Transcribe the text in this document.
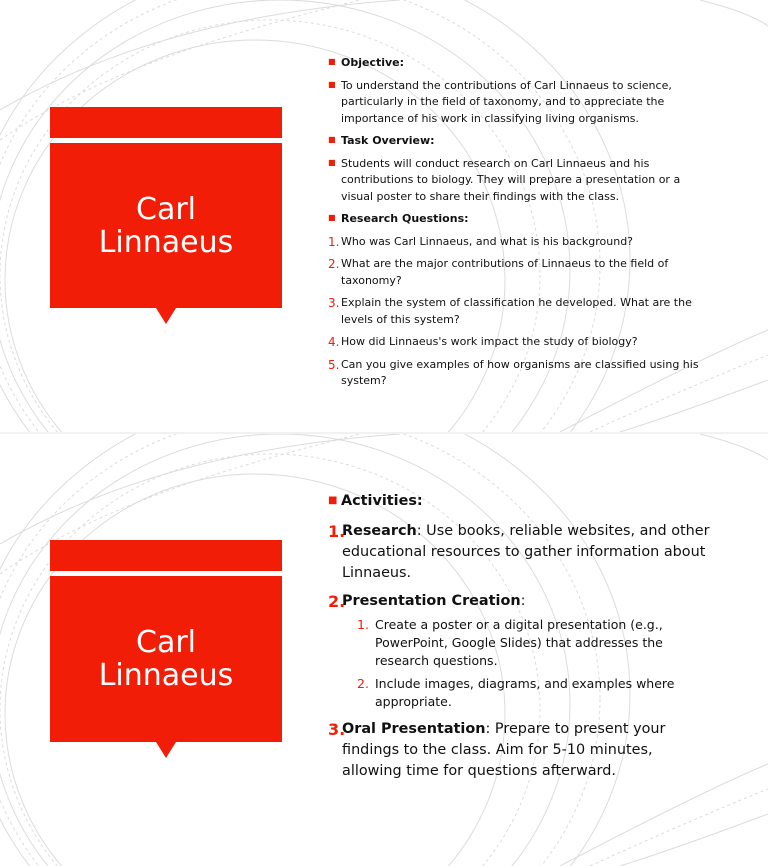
Carl Linnaeus
■ Objective:
■ To understand the contributions of Carl Linnaeus to science, particularly in the field of taxonomy, and to appreciate the importance of his work in classifying living organisms.
■ Task Overview:
■ Students will conduct research on Carl Linnaeus and his contributions to biology. They will prepare a presentation or a visual poster to share their findings with the class.
■ Research Questions:
1. Who was Carl Linnaeus, and what is his background?
2. What are the major contributions of Linnaeus to the field of taxonomy?
3. Explain the system of classification he developed. What are the levels of this system?
4. How did Linnaeus's work impact the study of biology?
5. Can you give examples of how organisms are classified using his system?
Carl Linnaeus
■ Activities:
1.
Research: Use books, reliable websites, and other educational resources to gather information about Linnaeus.
2.
Presentation Creation:
1. Create a poster or a digital presentation (e.g., PowerPoint, Google Slides) that addresses the research questions.
2. Include images, diagrams, and examples where appropriate.
3.
Oral Presentation: Prepare to present your findings to the class. Aim for 5-10 minutes, allowing time for questions afterward.
